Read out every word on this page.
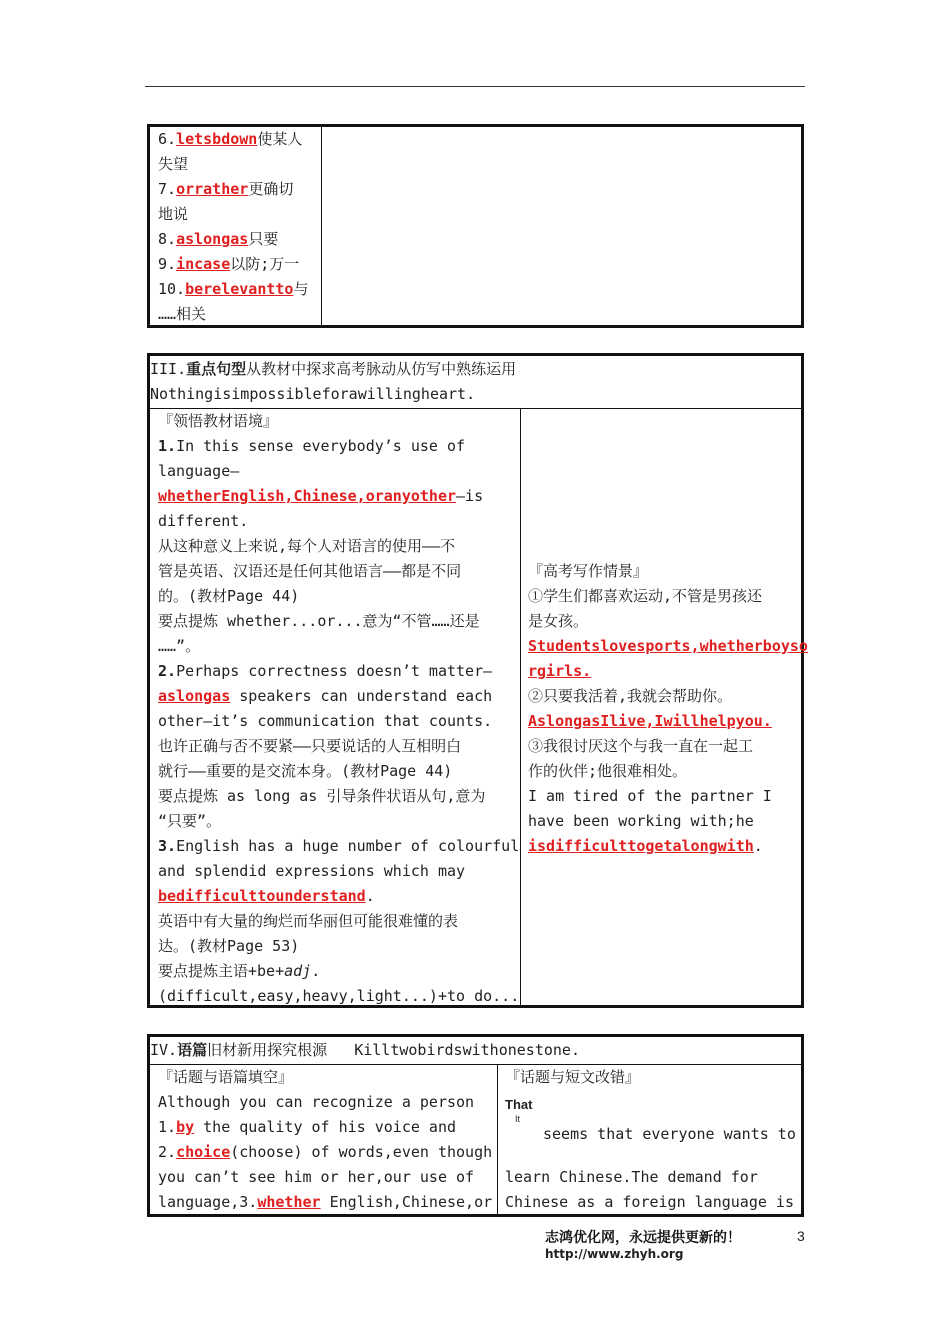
6.letsbdown使某人
失望
7.orrather更确切
地说
8.aslongas只要
9.incase以防;万一
10.berelevantto与
……相关
III.重点句型从教材中探求高考脉动从仿写中熟练运用
Nothingisimpossibleforawillingheart.
『领悟教材语境』
1.In this sense everybody’s use of
language—
whetherEnglish,Chinese,oranyother—is
different.
从这种意义上来说,每个人对语言的使用——不
管是英语、汉语还是任何其他语言——都是不同
的。(教材Page 44)
要点提炼 whether...or...意为“不管……还是
……”。
2.Perhaps correctness doesn’t matter—
aslongas speakers can understand each
other—it’s communication that counts.
也许正确与否不要紧——只要说话的人互相明白
就行——重要的是交流本身。(教材Page 44)
要点提炼 as long as 引导条件状语从句,意为
“只要”。
3.English has a huge number of colourful
and splendid expressions which may
bedifficulttounderstand.
英语中有大量的绚烂而华丽但可能很难懂的表
达。(教材Page 53)
要点提炼主语+be+adj.
(difficult,easy,heavy,light...)+to do...
『高考写作情景』
①学生们都喜欢运动,不管是男孩还
是女孩。
Studentslovesports,whetherboyso
rgirls.
②只要我活着,我就会帮助你。
AslongasIlive,Iwillhelpyou.
③我很讨厌这个与我一直在一起工
作的伙伴;他很难相处。
I am tired of the partner I
have been working with;he
isdifficulttogetalongwith.
IV.语篇旧材新用探究根源 Killtwobirdswithonestone.
『话题与语篇填空』
Although you can recognize a person
1.by the quality of his voice and
2.choice(choose) of words,even though
you can’t see him or her,our use of
language,3.whether English,Chinese,or
『话题与短文改错』
That
It
seems that everyone wants to
learn Chinese.The demand for
Chinese as a foreign language is
志鸿优化网，永远提供更新的！
http://www.zhyh.org
3
